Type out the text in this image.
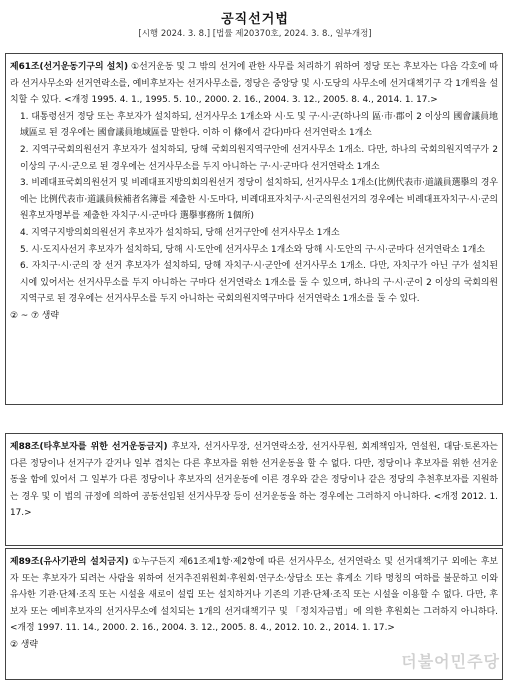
공직선거법
[시행 2024. 3. 8.] [법률 제20370호, 2024. 3. 8., 일부개정]

제61조(선거운동기구의 설치) ①선거운동 및 그 밖의 선거에 관한 사무를 처리하기 위하여 정당 또는 후보자는 다음 각호에 따라 선거사무소와 선거연락소를, 예비후보자는 선거사무소를, 정당은 중앙당 및 시·도당의 사무소에 선거대책기구 각 1개씩을 설치할 수 있다. <개정 1995. 4. 1., 1995. 5. 10., 2000. 2. 16., 2004. 3. 12., 2005. 8. 4., 2014. 1. 17.>

1. 대통령선거 정당 또는 후보자가 설치하되, 선거사무소 1개소와 시·도 및 구·시·군(하나의 區·市·郡이 2 이상의 國會議員地域區로 된 경우에는 國會議員地域區를 말한다. 이하 이 條에서 같다)마다 선거연락소 1개소

2. 지역구국회의원선거 후보자가 설치하되, 당해 국회의원지역구안에 선거사무소 1개소. 다만, 하나의 국회의원지역구가 2 이상의 구·시·군으로 된 경우에는 선거사무소를 두지 아니하는 구·시·군마다 선거연락소 1개소

3. 비례대표국회의원선거 및 비례대표지방의회의원선거 정당이 설치하되, 선거사무소 1개소(比例代表市·道議員選擧의 경우에는 比例代表市·道議員候補者名簿를 제출한 시·도마다, 비례대표자치구·시·군의원선거의 경우에는 비례대표자치구·시·군의원후보자명부를 제출한 자치구·시·군마다 選擧事務所 1個所)

4. 지역구지방의회의원선거 후보자가 설치하되, 당해 선거구안에 선거사무소 1개소

5. 시·도지사선거 후보자가 설치하되, 당해 시·도안에 선거사무소 1개소와 당해 시·도안의 구·시·군마다 선거연락소 1개소

6. 자치구·시·군의 장 선거 후보자가 설치하되, 당해 자치구·시·군안에 선거사무소 1개소. 다만, 자치구가 아닌 구가 설치된 시에 있어서는 선거사무소를 두지 아니하는 구마다 선거연락소 1개소를 둘 수 있으며, 하나의 구·시·군이 2 이상의 국회의원지역구로 된 경우에는 선거사무소를 두지 아니하는 국회의원지역구마다 선거연락소 1개소를 둘 수 있다.

② ~ ⑦ 생략

제88조(타후보자를 위한 선거운동금지) 후보자, 선거사무장, 선거연락소장, 선거사무원, 회계책임자, 연설원, 대담·토론자는 다른 정당이나 선거구가 같거나 일부 겹치는 다른 후보자를 위한 선거운동을 할 수 없다. 다만, 정당이나 후보자를 위한 선거운동을 함에 있어서 그 일부가 다른 정당이나 후보자의 선거운동에 이른 경우와 같은 정당이나 같은 정당의 추천후보자를 지원하는 경우 및 이 법의 규정에 의하여 공동선임된 선거사무장 등이 선거운동을 하는 경우에는 그러하지 아니하다. <개정 2012. 1. 17.>

제89조(유사기관의 설치금지) ①누구든지 제61조제1항·제2항에 따른 선거사무소, 선거연락소 및 선거대책기구 외에는 후보자 또는 후보자가 되려는 사람을 위하여 선거추진위원회·후원회·연구소·상담소 또는 휴게소 기타 명칭의 여하를 불문하고 이와 유사한 기관·단체·조직 또는 시설을 새로이 설립 또는 설치하거나 기존의 기관·단체·조직 또는 시설을 이용할 수 없다. 다만, 후보자 또는 예비후보자의 선거사무소에 설치되는 1개의 선거대책기구 및 「정치자금법」에 의한 후원회는 그러하지 아니하다. <개정 1997. 11. 14., 2000. 2. 16., 2004. 3. 12., 2005. 8. 4., 2012. 10. 2., 2014. 1. 17.>

② 생략

더불어민주당
